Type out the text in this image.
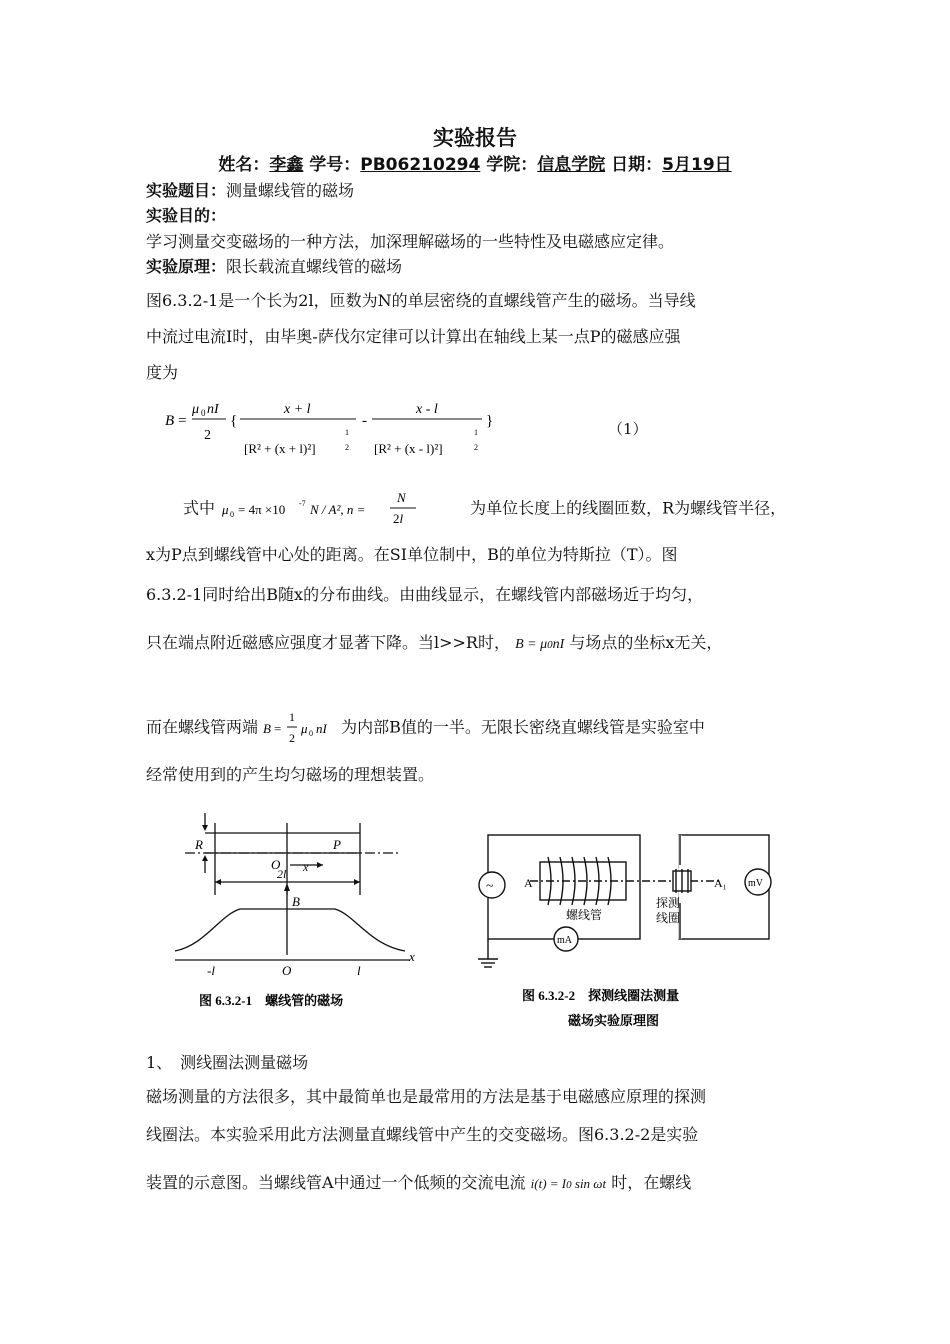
实验报告
姓名：李鑫 学号：PB06210294 学院：信息学院 日期：5月19日
实验题目：测量螺线管的磁场
实验目的：
学习测量交变磁场的一种方法，加深理解磁场的一些特性及电磁感应定律。
实验原理：限长载流直螺线管的磁场
图6.3.2-1是一个长为2l，匝数为N的单层密绕的直螺线管产生的磁场。当导线
中流过电流I时，由毕奥-萨伐尔定律可以计算出在轴线上某一点P的磁感应强
度为
B =
μ 0 nI
2
{
x + l
[R² + (x + l)²]
1
2
-
x - l
[R² + (x - l)²]
1
2
}	（1）
式中 μ 0 = 4π ×10 -7 N / A², n =
N
2l
为单位长度上的线圈匝数，R为螺线管半径，
x为P点到螺线管中心处的距离。在SI单位制中，B的单位为特斯拉（T）。图
6.3.2-1同时给出B随x的分布曲线。由曲线显示，在螺线管内部磁场近于均匀，
只在端点附近磁感应强度才显著下降。当l>>R时， B = μ0nI 与场点的坐标x无关，
而在螺线管两端 B =
1
2
μ 0 nI 为内部B值的一半。无限长密绕直螺线管是实验室中
经常使用到的产生均匀磁场的理想装置。
R
O x
P
2l
B
-l	O	l
x
图 6.3.2-1　螺线管的磁场
~	mV
mA
A	A₁
螺线管
探测
线圈
图 6.3.2-2　探测线圈法测量
磁场实验原理图
1、　测线圈法测量磁场
磁场测量的方法很多，其中最简单也是最常用的方法是基于电磁感应原理的探测
线圈法。本实验采用此方法测量直螺线管中产生的交变磁场。图6.3.2-2是实验
装置的示意图。当螺线管A中通过一个低频的交流电流 i(t) = I0 sin ωt 时，在螺线
